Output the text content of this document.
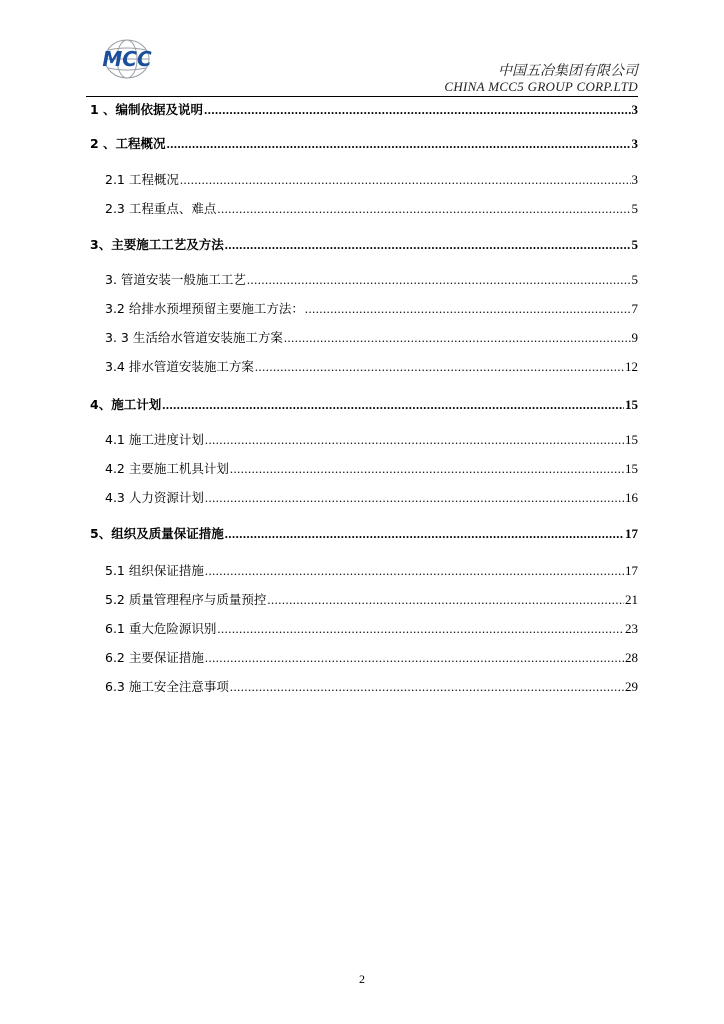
MCC	中国五冶集团有限公司
CHINA MCC5 GROUP CORP.LTD
1 、编制依据及说明 .....	3
2 、工程概况 .....	3
2.1 工程概况 .....	3
2.3 工程重点、难点 .....	5
3、主要施工工艺及方法 .....	5
3. 管道安装一般施工工艺 .....	5
3.2 给排水预埋预留主要施工方法： .....	7
3. 3 生活给水管道安装施工方案 .....	9
3.4 排水管道安装施工方案 .....	12
4、施工计划 .....	15
4.1 施工进度计划 .....	15
4.2 主要施工机具计划 .....	15
4.3 人力资源计划 .....	16
5、组织及质量保证措施 .....	17
5.1 组织保证措施 .....	17
5.2 质量管理程序与质量预控 .....	21
6.1 重大危险源识别 .....	23
6.2 主要保证措施 .....	28
6.3 施工安全注意事项 .....	29
2
